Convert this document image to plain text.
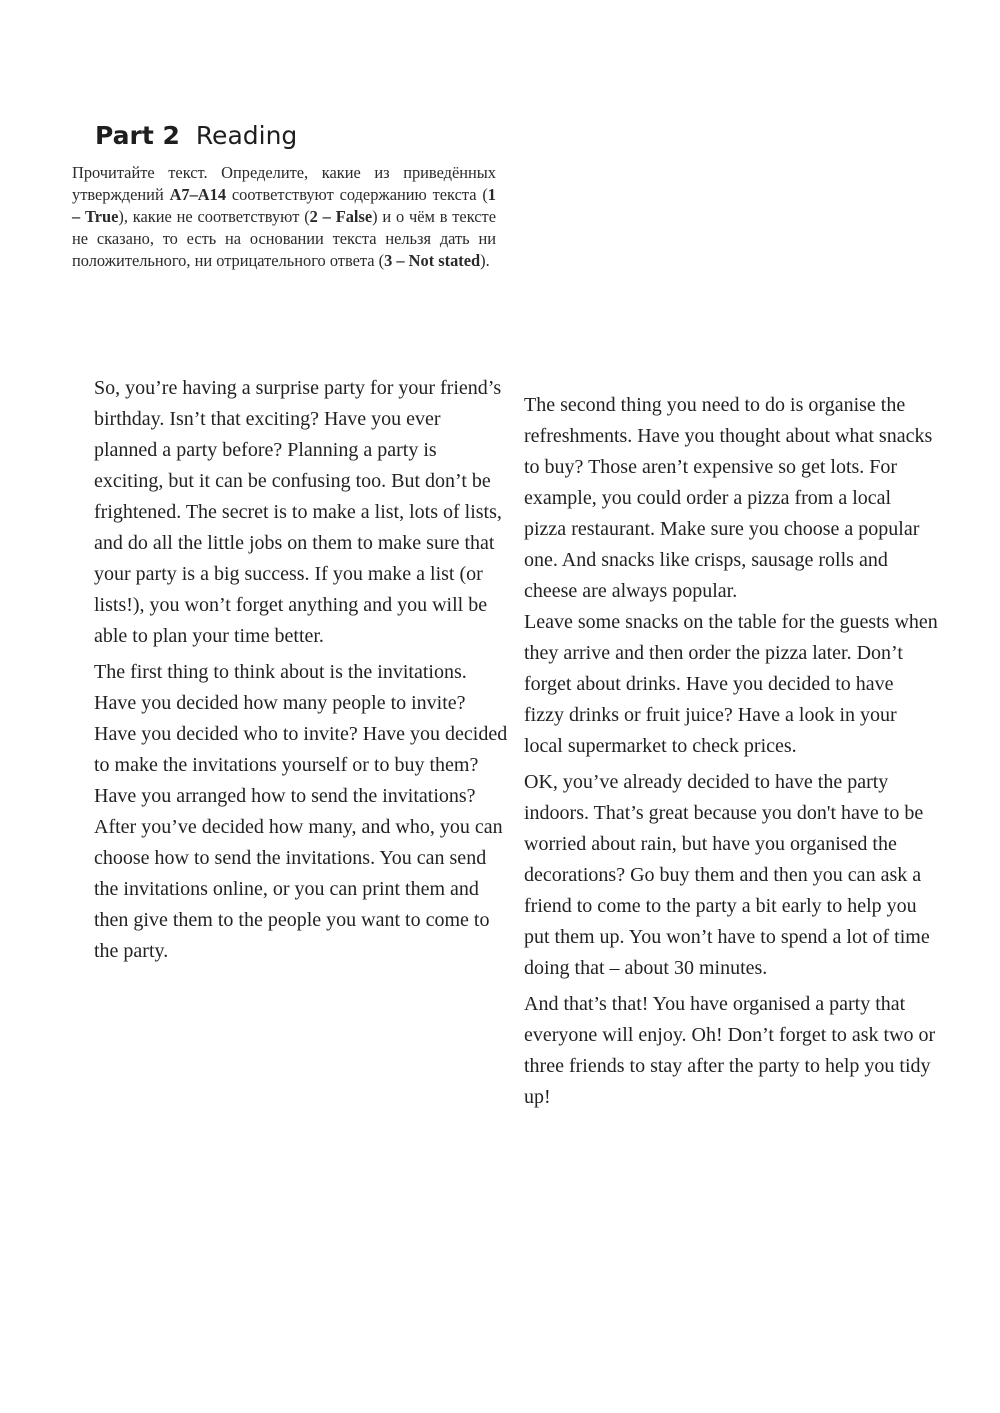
Part 2 Reading

Прочитайте текст. Определите, какие из приведённых утверждений А7–А14 соответствуют содержанию текста (1 – True), какие не соответствуют (2 – False) и о чём в тексте не сказано, то есть на основании текста нельзя дать ни положительного, ни отрицательного ответа (3 – Not stated).

So, you’re having a surprise party for your friend’s birthday. Isn’t that exciting? Have you ever planned a party before? Planning a party is exciting, but it can be confusing too. But don’t be frightened. The secret is to make a list, lots of lists, and do all the little jobs on them to make sure that your party is a big success. If you make a list (or lists!), you won’t forget anything and you will be able to plan your time better.

The first thing to think about is the invitations. Have you decided how many people to invite? Have you decided who to invite? Have you decided to make the invitations yourself or to buy them? Have you arranged how to send the invitations? After you’ve decided how many, and who, you can choose how to send the invitations. You can send the invitations online, or you can print them and then give them to the people you want to come to the party.

The second thing you need to do is organise the refreshments. Have you thought about what snacks to buy? Those aren’t expensive so get lots. For example, you could order a pizza from a local pizza restaurant. Make sure you choose a popular one. And snacks like crisps, sausage rolls and cheese are always popular.

Leave some snacks on the table for the guests when they arrive and then order the pizza later. Don’t forget about drinks. Have you decided to have fizzy drinks or fruit juice? Have a look in your local supermarket to check prices.

OK, you’ve already decided to have the party indoors. That’s great because you don't have to be worried about rain, but have you organised the decorations? Go buy them and then you can ask a friend to come to the party a bit early to help you put them up. You won’t have to spend a lot of time doing that – about 30 minutes.

And that’s that! You have organised a party that everyone will enjoy. Oh! Don’t forget to ask two or three friends to stay after the party to help you tidy up!
